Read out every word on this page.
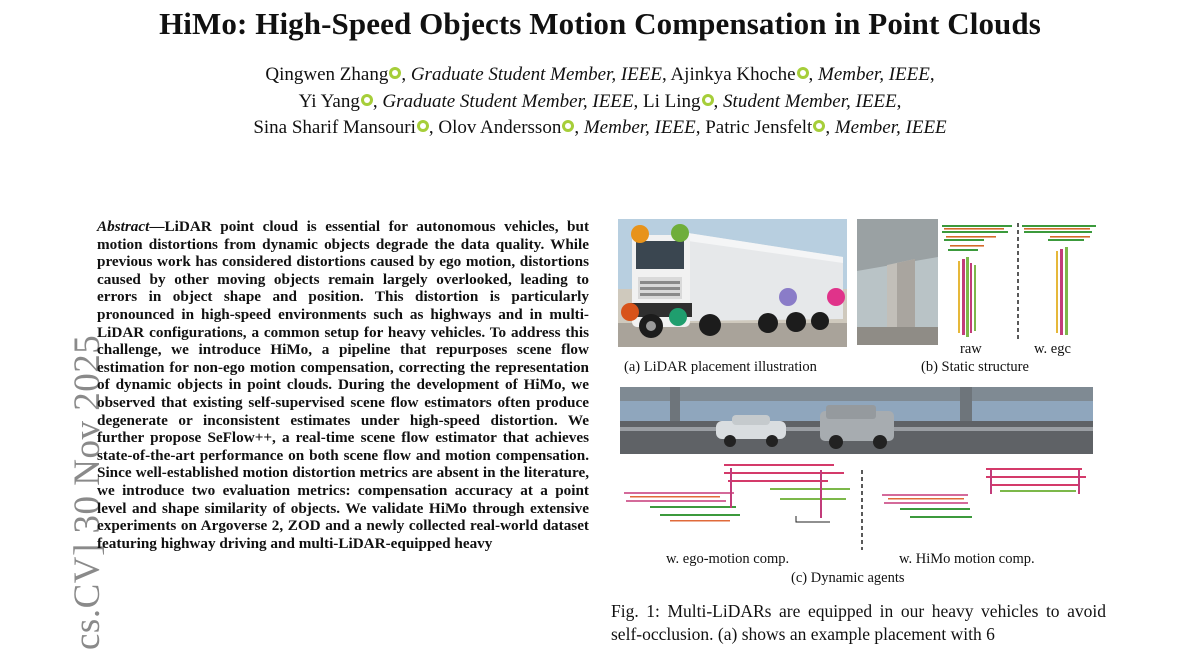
HiMo: High-Speed Objects Motion Compensation in Point Clouds
Qingwen Zhang , Graduate Student Member, IEEE, Ajinkya Khoche , Member, IEEE,
Yi Yang , Graduate Student Member, IEEE, Li Ling , Student Member, IEEE,
Sina Sharif Mansouri , Olov Andersson , Member, IEEE, Patric Jensfelt , Member, IEEE
cs.CV] 30 Nov 2025

Abstract—LiDAR point cloud is essential for autonomous vehicles, but motion distortions from dynamic objects degrade the data quality. While previous work has considered distortions caused by ego motion, distortions caused by other moving objects remain largely overlooked, leading to errors in object shape and position. This distortion is particularly pronounced in high-speed environments such as highways and in multi-LiDAR configurations, a common setup for heavy vehicles. To address this challenge, we introduce HiMo, a pipeline that repurposes scene flow estimation for non-ego motion compensation, correcting the representation of dynamic objects in point clouds. During the development of HiMo, we observed that existing self-supervised scene flow estimators often produce degenerate or inconsistent estimates under high-speed distortion. We further propose SeFlow++, a real-time scene flow estimator that achieves state-of-the-art performance on both scene flow and motion compensation. Since well-established motion distortion metrics are absent in the literature, we introduce two evaluation metrics: compensation accuracy at a point level and shape similarity of objects. We validate HiMo through extensive experiments on Argoverse 2, ZOD and a newly collected real-world dataset featuring highway driving and multi-LiDAR-equipped heavy

(a) LiDAR placement illustration
raw	w. egc
(b) Static structure
w. ego-motion comp.	w. HiMo motion comp.
(c) Dynamic agents

Fig. 1: Multi-LiDARs are equipped in our heavy vehicles to avoid self-occlusion. (a) shows an example placement with 6
